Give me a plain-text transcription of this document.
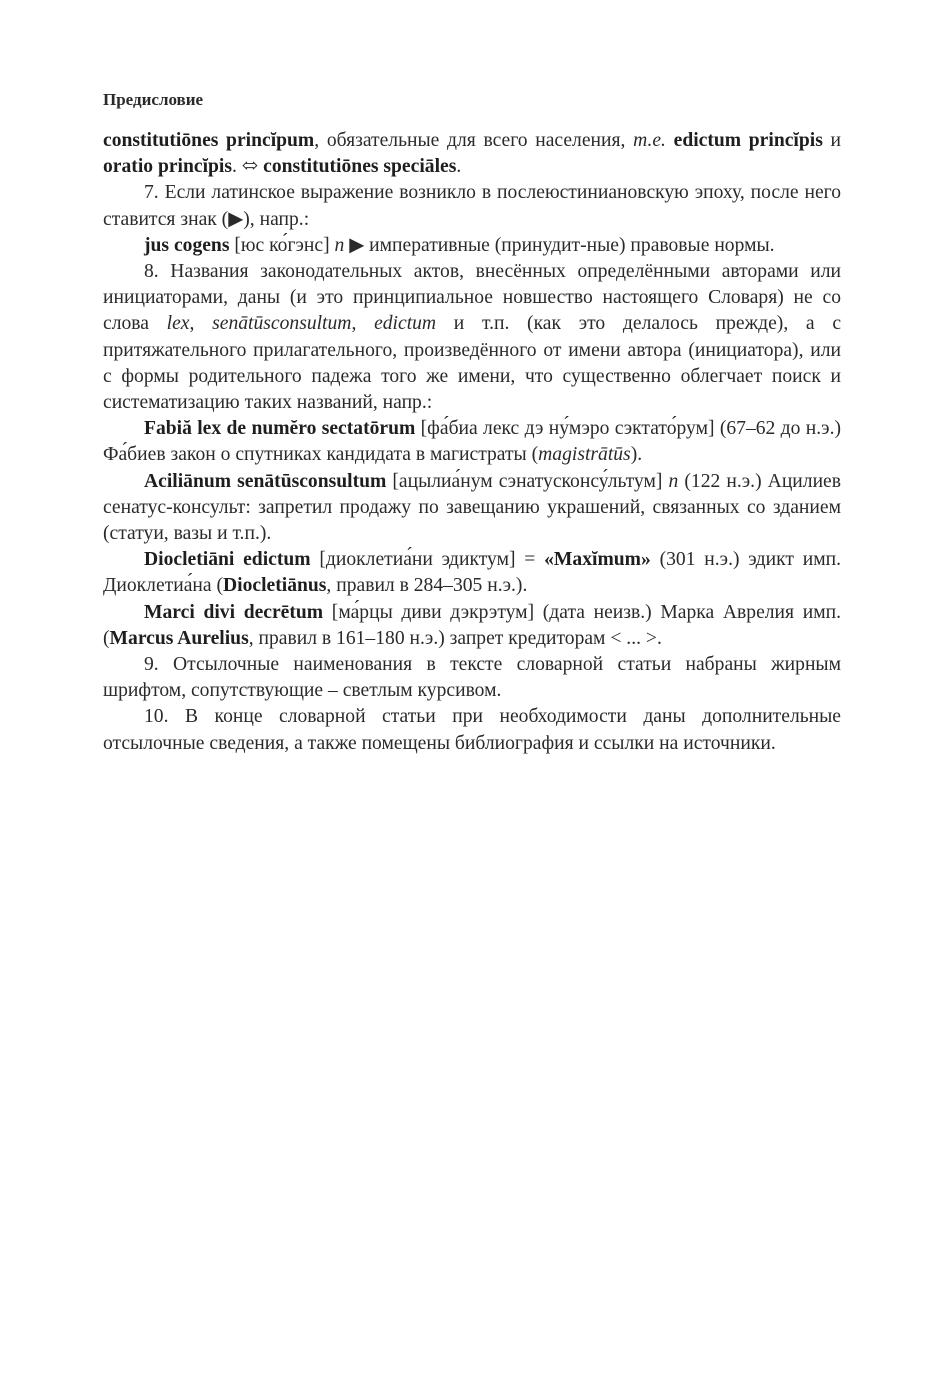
Предисловие

constitutiōnes princĭpum, обязательные для всего населения, т.е. edictum princĭpis и oratio princĭpis. ⬄ constitutiōnes speciāles.

7. Если латинское выражение возникло в послеюстиниановскую эпоху, после него ставится знак (▶), напр.:

jus cogens [юс ко́гэнс] n ▶ императивные (принудит-ные) правовые нормы.

8. Названия законодательных актов, внесённых определёнными авторами или инициаторами, даны (и это принципиальное новшество настоящего Словаря) не со слова lex, senātūsconsultum, edictum и т.п. (как это делалось прежде), а с притяжательного прилагательного, произведённого от имени автора (инициатора), или с формы родительного падежа того же имени, что существенно облегчает поиск и систематизацию таких названий, напр.:

Fabiă lex de numĕro sectatōrum [фа́биа лекс дэ ну́мэро сэктато́рум] (67–62 до н.э.) Фа́биев закон о спутниках кандидата в магистраты (magistrātūs).

Aciliānum senātūsconsultum [ацылиа́нум сэнатусконсу́льтум] n (122 н.э.) Ацилиев сенатус-консульт: запретил продажу по завещанию украшений, связанных со зданием (статуи, вазы и т.п.).

Diocletiāni edictum [диоклетиа́ни эдиктум] = «Maxĭmum» (301 н.э.) эдикт имп. Диоклетиа́на (Diocletiānus, правил в 284–305 н.э.).

Marci divi decrētum [ма́рцы диви дэкрэтум] (дата неизв.) Марка Аврелия имп. (Marcus Aurelius, правил в 161–180 н.э.) запрет кредиторам < ... >.

9. Отсылочные наименования в тексте словарной статьи набраны жирным шрифтом, сопутствующие – светлым курсивом.

10. В конце словарной статьи при необходимости даны дополнительные отсылочные сведения, а также помещены библиография и ссылки на источники.
